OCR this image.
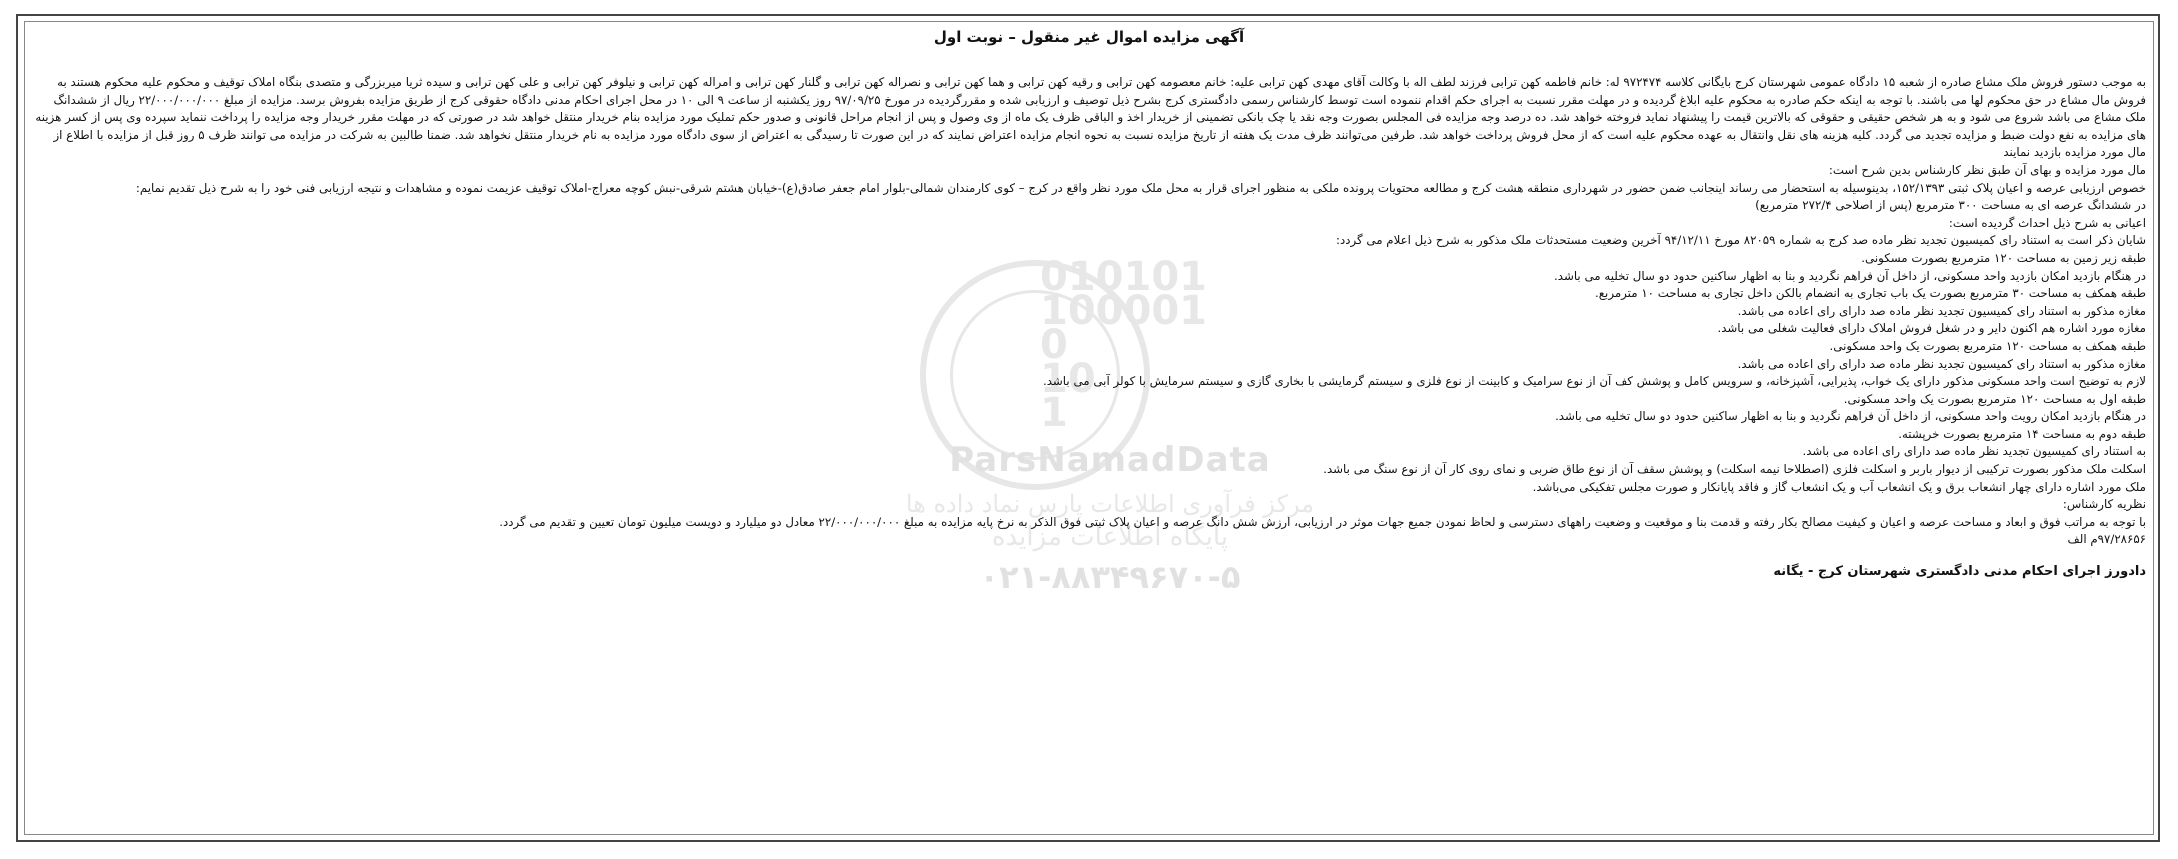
010101
100001
0
10
1
ParsNamadData
مرکز فرآوری اطلاعات پارس نماد داده ها
پایگاه اطلاعات مزایده
۰۲۱-۸۸۳۴۹۶۷۰-۵
آگهی مزایده اموال غیر منقول – نوبت اول

به موجب دستور فروش ملک مشاع صادره از شعبه ۱۵ دادگاه عمومی شهرستان کرج بایگانی کلاسه ۹۷۲۴۷۴ له: خانم فاطمه کهن ترابی فرزند لطف اله با وکالت آقای مهدی کهن ترابی علیه: خانم معصومه کهن ترابی و رقیه کهن ترابی و هما کهن ترابی و نصراله کهن ترابی و گلنار کهن ترابی و امراله کهن ترابی و نیلوفر کهن ترابی و علی کهن ترابی و سیده ثریا میربزرگی و متصدی بنگاه املاک توقیف و محکوم علیه محکوم هستند به فروش مال مشاع در حق محکوم لها می باشند. با توجه به اینکه حکم صادره به محکوم علیه ابلاغ گردیده و در مهلت مقرر نسبت به اجرای حکم اقدام ننموده است توسط کارشناس رسمی دادگستری کرج بشرح ذیل توصیف و ارزیابی شده و مقررگردیده در مورخ ۹۷/۰۹/۲۵ روز یکشنبه از ساعت ۹ الی ۱۰ در محل اجرای احکام مدنی دادگاه حقوقی کرج از طریق مزایده بفروش برسد. مزایده از مبلغ ۲۲/۰۰۰/۰۰۰/۰۰۰ ریال از ششدانگ ملک مشاع می باشد شروع می شود و به هر شخص حقیقی و حقوقی که بالاترین قیمت را پیشنهاد نماید فروخته خواهد شد. ده درصد وجه مزایده فی المجلس بصورت وجه نقد یا چک بانکی تضمینی از خریدار اخذ و الباقی ظرف یک ماه از وی وصول و پس از انجام مراحل قانونی و صدور حکم تملیک مورد مزایده بنام خریدار منتقل خواهد شد در صورتی که در مهلت مقرر خریدار وجه مزایده را پرداخت ننماید سپرده وی پس از کسر هزینه های مزایده به نفع دولت ضبط و مزایده تجدید می گردد. کلیه هزینه های نقل وانتقال به عهده محکوم علیه است که از محل فروش پرداخت خواهد شد. طرفین می‌توانند ظرف مدت یک هفته از تاریخ مزایده نسبت به نحوه انجام مزایده اعتراض نمایند که در این صورت تا رسیدگی به اعتراض از سوی دادگاه مورد مزایده به نام خریدار منتقل نخواهد شد. ضمنا طالبین به شرکت در مزایده می توانند ظرف ۵ روز قبل از مزایده با اطلاع از مال مورد مزایده بازدید نمایند

مال مورد مزایده و بهای آن طبق نظر کارشناس بدین شرح است:

خصوص ارزیابی عرصه و اعیان پلاک ثبتی ۱۵۲/۱۳۹۳، بدینوسیله به استحضار می رساند اینجانب ضمن حضور در شهرداری منطقه هشت کرج و مطالعه محتویات پرونده ملکی به منظور اجرای قرار به محل ملک مورد نظر واقع در کرج – کوی کارمندان شمالی-بلوار امام جعفر صادق(ع)-خیابان هشتم شرقی-نبش کوچه معراج-املاک توقیف عزیمت نموده و مشاهدات و نتیجه ارزیابی فنی خود را به شرح ذیل تقدیم نمایم:

در ششدانگ عرصه ای به مساحت ۳۰۰ مترمربع (پس از اصلاحی ۲۷۲/۴ مترمربع)

اعیانی به شرح ذیل احداث گردیده است:

شایان ذکر است به استناد رای کمیسیون تجدید نظر ماده صد کرج به شماره ۸۲۰۵۹ مورخ ۹۴/۱۲/۱۱ آخرین وضعیت مستحدثات ملک مذکور به شرح ذیل اعلام می گردد:

طبقه زیر زمین به مساحت ۱۲۰ مترمربع بصورت مسکونی.

در هنگام بازدید امکان بازدید واحد مسکونی، از داخل آن فراهم نگردید و بنا به اظهار ساکنین حدود دو سال تخلیه می باشد.

طبقه همکف به مساحت ۳۰ مترمربع بصورت یک باب تجاری به انضمام بالکن داخل تجاری به مساحت ۱۰ مترمربع.

مغازه مذکور به استناد رای کمیسیون تجدید نظر ماده صد دارای رای اعاده می باشد.

مغازه مورد اشاره هم اکنون دایر و در شغل فروش املاک دارای فعالیت شغلی می باشد.

طبقه همکف به مساحت ۱۲۰ مترمربع بصورت یک واحد مسکونی.

مغازه مذکور به استناد رای کمیسیون تجدید نظر ماده صد دارای رای اعاده می باشد.

لازم به توضیح است واحد مسکونی مذکور دارای یک خواب، پذیرایی، آشپزخانه، و سرویس کامل و پوشش کف آن از نوع سرامیک و کابینت از نوع فلزی و سیستم گرمایشی با بخاری گازی و سیستم سرمایش با کولر آبی می باشد.

طبقه اول به مساحت ۱۲۰ مترمربع بصورت یک واحد مسکونی.

در هنگام بازدید امکان رویت واحد مسکونی، از داخل آن فراهم نگردید و بنا به اظهار ساکنین حدود دو سال تخلیه می باشد.

طبقه دوم به مساحت ۱۴ مترمربع بصورت خرپشته.

به استناد رای کمیسیون تجدید نظر ماده صد دارای رای اعاده می باشد.

اسکلت ملک مذکور بصورت ترکیبی از دیوار باربر و اسکلت فلزی (اصطلاحا نیمه اسکلت) و پوشش سقف آن از نوع طاق ضربی و نمای روی کار آن از نوع سنگ می باشد.

ملک مورد اشاره دارای چهار انشعاب برق و یک انشعاب آب و یک انشعاب گاز و فاقد پایانکار و صورت مجلس تفکیکی می‌باشد.

نظریه کارشناس:

با توجه به مراتب فوق و ابعاد و مساحت عرصه و اعیان و کیفیت مصالح بکار رفته و قدمت بنا و موقعیت و وضعیت راههای دسترسی و لحاظ نمودن جمیع جهات موثر در ارزیابی، ارزش شش دانگ عرصه و اعیان پلاک ثبتی فوق الذکر به نرخ پایه مزایده به مبلغ ۲۲/۰۰۰/۰۰۰/۰۰۰ معادل دو میلیارد و دویست میلیون تومان تعیین و تقدیم می گردد.

۹۷/۲۸۶۵۶م الف

دادورز اجرای احکام مدنی دادگستری شهرستان کرج - یگانه
